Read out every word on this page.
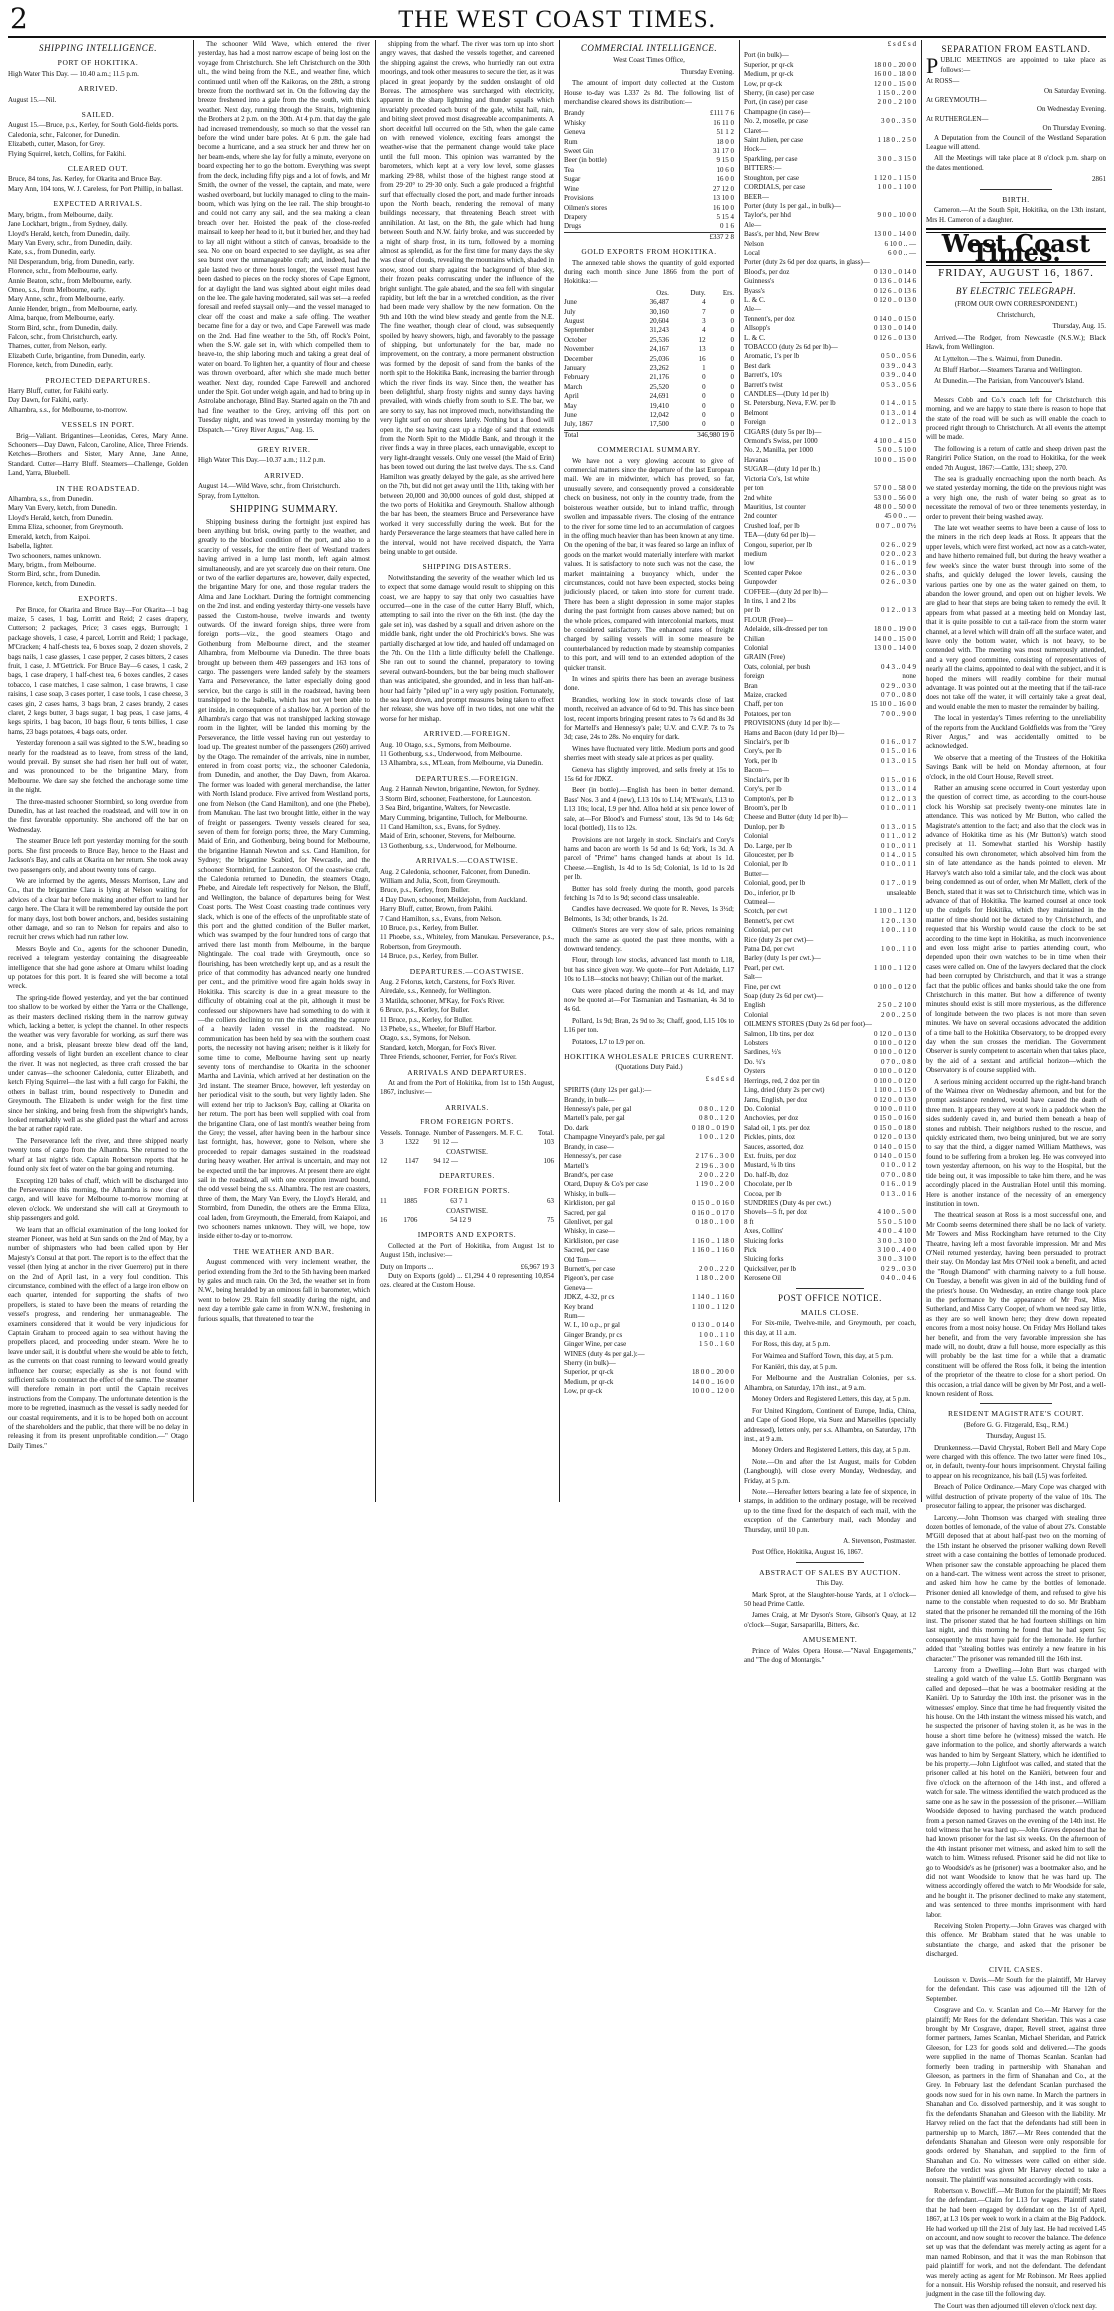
2	THE WEST COAST TIMES.
SHIPPING INTELLIGENCE.
PORT OF HOKITIKA.

High Water This Day. — 10.40 a.m.; 11.5 p.m.

ARRIVED.

August 15.—Nil.

SAILED.

August 15.—Bruce, p.s., Kerley, for South Gold-fields ports.

Caledonia, schr., Falconer, for Dunedin.

Elizabeth, cutter, Mason, for Grey.

Flying Squirrel, ketch, Collins, for Fakihi.

CLEARED OUT.

Bruce, 84 tons, Jas. Kerley, for Okarita and Bruce Bay.

Mary Ann, 104 tons, W. J. Careless, for Port Phillip, in ballast.

EXPECTED ARRIVALS.

Mary, brigtn., from Melbourne, daily.

Jane Lockhart, brigtn., from Sydney, daily.

Lloyd's Herald, ketch, from Dunedin, daily.

Mary Van Every, schr., from Dunedin, daily.

Kate, s.s., from Dunedin, early.

Nil Desperandum, brig, from Dunedin, early.

Florence, schr., from Melbourne, early.

Annie Beaton, schr., from Melbourne, early.

Omeo, s.s., from Melbourne, early.

Mary Anne, schr., from Melbourne, early.

Annie Hender, brigtn., from Melbourne, early.

Alma, barque, from Melbourne, early.

Storm Bird, schr., from Dunedin, daily.

Falcon, schr., from Christchurch, early.

Thames, cutter, from Nelson, early.

Elizabeth Curle, brigantine, from Dunedin, early.

Florence, ketch, from Dunedin, early.

PROJECTED DEPARTURES.

Harry Bluff, cutter, for Fakihi early.

Day Dawn, for Fakihi, early.

Alhambra, s.s., for Melbourne, to-morrow.

VESSELS IN PORT.

Brig—Valiant. Brigantines—Leonidas, Ceres, Mary Anne. Schooners—Day Dawn, Falcon, Caroline, Alice, Three Friends. Ketches—Brothers and Sister, Mary Anne, Jane Anne, Standard. Cutter—Harry Bluff. Steamers—Challenge, Golden Land, Yarra, Bluebell.

IN THE ROADSTEAD.

Alhambra, s.s., from Dunedin.

Mary Van Every, ketch, from Dunedin.

Lloyd's Herald, ketch, from Dunedin.

Emma Eliza, schooner, from Greymouth.

Emerald, ketch, from Kaipoi.

Isabella, lighter.

Two schooners, names unknown.

Mary, brigtn., from Melbourne.

Storm Bird, schr., from Dunedin.

Florence, ketch, from Dunedin.

EXPORTS.

Per Bruce, for Okarita and Bruce Bay—For Okarita—1 bag maize, 5 cases, 1 bag, Lorritt and Reid; 2 cases drapery, Cutterson; 2 packages, Price; 3 cases eggs, Burrough; 1 package shovels, 1 case, 4 parcel, Lorritt and Reid; 1 package, M'Cracken; 4 half-chests tea, 6 boxes soap, 2 dozen shovels, 2 bags nails, 1 case glasses, 1 case pepper, 2 cases bitters, 2 cases fruit, 1 case, J. M'Gettrick. For Bruce Bay—6 cases, 1 cask, 2 bags, 1 case drapery, 1 half-chest tea, 6 boxes candles, 2 cases tobacco, 1 case matches, 1 case salmon, 1 case brawns, 1 case raisins, 1 case soap, 3 cases porter, 1 case tools, 1 case cheese, 3 cases gin, 2 cases hams, 3 bags bran, 2 cases brandy, 2 cases claret, 2 kegs butter, 3 bags sugar, 1 bag peas, 1 case jams, 4 kegs spirits, 1 bag bacon, 10 bags flour, 6 tents billies, 1 case hams, 23 bags potatoes, 4 bags oats, order.

Yesterday forenoon a sail was sighted to the S.W., heading so nearly for the roadstead as to leave, from stress of the land, would prevail. By sunset she had risen her hull out of water, and was pronounced to be the brigantine Mary, from Melbourne. We dare say she fetched the anchorage some time in the night.

The three-masted schooner Stormbird, so long overdue from Dunedin, has at last reached the roadstead, and will tow in on the first favorable opportunity. She anchored off the bar on Wednesday.

The steamer Bruce left port yesterday morning for the south ports. She first proceeds to Bruce Bay, hence to the Haast and Jackson's Bay, and calls at Okarita on her return. She took away two passengers only, and about twenty tons of cargo.

We are informed by the agents, Messrs Morrison, Law and Co., that the brigantine Clara is lying at Nelson waiting for advices of a clear bar before making another effort to land her cargo here. The Clara it will be remembered lay outside the port for many days, lost both bower anchors, and, besides sustaining other damage, and so ran to Nelson for repairs and also to recruit her crews which had run rather low.

Messrs Boyle and Co., agents for the schooner Dunedin, received a telegram yesterday containing the disagreeable intelligence that she had gone ashore at Omaru whilst loading up potatoes for this port. It is feared she will become a total wreck.

The spring-tide flowed yesterday, and yet the bar continued too shallow to be worked by either the Yarra or the Challenge, as their masters declined risking them in the narrow gutway which, lacking a better, is yclept the channel. In other respects the weather was very favorable for working, as surf there was none, and a brisk, pleasant breeze blew dead off the land, affording vessels of light burden an excellent chance to clear the river. It was not neglected, as three craft crossed the bar under canvas—the schooner Caledonia, cutter Elizabeth, and ketch Flying Squirrel—the last with a full cargo for Fakihi, the others in ballast trim, bound respectively to Dunedin and Greymouth. The Elizabeth is under weigh for the first time since her sinking, and being fresh from the shipwright's hands, looked remarkably well as she glided past the wharf and across the bar at rather rapid rate.

The Perseverance left the river, and three shipped nearly twenty tons of cargo from the Alhambra. She returned to the wharf at last night's tide. Captain Robertson reports that he found only six feet of water on the bar going and returning.

Excepting 120 bales of chaff, which will be discharged into the Perseverance this morning, the Alhambra is now clear of cargo, and will leave for Melbourne to-morrow morning at eleven o'clock. We understand she will call at Greymouth to ship passengers and gold.

We learn that an official examination of the long looked for steamer Pioneer, was held at Sun sands on the 2nd of May, by a number of shipmasters who had been called upon by Her Majesty's Consul at that port. The report is to the effect that the vessel (then lying at anchor in the river Guerrero) put in there on the 2nd of April last, in a very foul condition. This circumstance, combined with the effect of a large iron elbow on each quarter, intended for supporting the shafts of two propellers, is stated to have been the means of retarding the vessel's progress, and rendering her unmanageable. The examiners considered that it would be very injudicious for Captain Graham to proceed again to sea without having the propellers placed, and proceeding under steam. Were he to leave under sail, it is doubtful where she would be able to fetch, as the currents on that coast running to leeward would greatly influence her course; especially as she is not found with sufficient sails to counteract the effect of the same. The steamer will therefore remain in port until the Captain receives instructions from the Company. The unfortunate detention is the more to be regretted, inasmuch as the vessel is sadly needed for our coastal requirements, and it is to be hoped both on account of the shareholders and the public, that there will be no delay in releasing it from its present unprofitable condition.—" Otago Daily Times."

The schooner Wild Wave, which entered the river yesterday, has had a most narrow escape of being lost on the voyage from Christchurch. She left Christchurch on the 30th ult., the wind being from the N.E., and weather fine, which continued until when off the Kaikoras, on the 28th, a strong breeze from the northward set in. On the following day the breeze freshened into a gale from the the south, with thick weather. Next day, running through the Straits, brightening the Brothers at 2 p.m. on the 30th. At 4 p.m. that day the gale had increased tremendously, so much so that the vessel ran before the wind under bare poles. At 6 p.m. the gale had become a hurricane, and a sea struck her and threw her on her beam-ends, where she lay for fully a minute, everyone on board expecting her to go the bottom. Everything was swept from the deck, including fifty pigs and a lot of fowls, and Mr Smith, the owner of the vessel, the captain, and mate, were washed overboard, but luckily managed to cling to the main-boom, which was lying on the lee rail. The ship brought-to and could not carry any sail, and the sea making a clean breach over her. Hoisted the peak of the close-reefed mainsail to keep her head to it, but it buried her, and they had to lay all night without a stitch of canvas, broadside to the sea. No one on board expected to see daylight, as sea after sea burst over the unmanageable craft; and, indeed, had the gale lasted two or three hours longer, the vessel must have been dashed to pieces on the rocky shores of Cape Egmont, for at daylight the land was sighted about eight miles dead on the lee. The gale having moderated, sail was set—a reefed foresail and reefed staysail only—and the vessel managed to clear off the coast and make a safe offing. The weather became fine for a day or two, and Cape Farewell was made on the 2nd. Had fine weather to the 5th, off Rock's Point, when the S.W. gale set in, with which compelled them to heave-to, the ship laboring much and taking a great deal of water on board. To lighten her, a quantity of flour and cheese was thrown overboard, after which she made much better weather. Next day, rounded Cape Farewell and anchored under the Spit. Got under weigh again, and had to bring up in Astrolabe anchorage, Blind Bay. Started again on the 7th and had fine weather to the Grey, arriving off this port on Tuesday night, and was towed in yesterday morning by the Dispatch.—"Grey River Argus," Aug. 15.

GREY RIVER.

High Water This Day.—10.37 a.m.; 11.2 p.m.

ARRIVED.

August 14.—Wild Wave, schr., from Christchurch.

Spray, from Lyttelton.

SHIPPING SUMMARY.

Shipping business during the fortnight just expired has been anything but brisk, owing partly to the weather, and greatly to the blocked condition of the port, and also to a scarcity of vessels, for the entire fleet of Westland traders having arrived in a lump last month, left again almost simultaneously, and are yet scarcely due on their return. One or two of the earlier departures are, however, daily expected, the brigantine Mary for one, and those regular traders the Alma and Jane Lockhart. During the fortnight commencing on the 2nd inst. and ending yesterday thirty-one vessels have passed the Custom-house, twelve inwards and twenty outwards. Of the inward foreign ships, three were from foreign ports—viz., the good steamers Otago and Gothenburg from Melbourne direct, and the steamer Alhambra, from Melbourne via Dunedin. The three boats brought up between them 469 passengers and 163 tons of cargo. The passengers were landed safely by the steamers Yarra and Perseverance, the latter especially doing good service, but the cargo is still in the roadstead, having been transhipped to the Isabella, which has not yet been able to get inside, in consequence of a shallow bar. A portion of the Alhambra's cargo that was not transhipped lacking stowage room in the lighter, will be landed this morning by the Perseverance, the little vessel having run out yesterday to load up. The greatest number of the passengers (260) arrived by the Otago. The remainder of the arrivals, nine in number, entered in from coast ports; viz., the schooner Caledonia, from Dunedin, and another, the Day Dawn, from Akaroa. The former was loaded with general merchandise, the latter with North Island produce. Five arrived from Westland ports, one from Nelson (the Cand Hamilton), and one (the Phebe), from Manukau. The last two brought little, either in the way of freight or passengers. Twenty vessels cleared for sea, seven of them for foreign ports; three, the Mary Cumming, Maid of Erin, and Gothenburg, being bound for Melbourne, the brigantine Hannah Newton and s.s. Cand Hamilton, for Sydney; the brigantine Scabird, for Newcastle, and the schooner Stormbird, for Launceston. Of the coastwise craft, the Caledonia returned to Dunedin, the steamers Otago, Phebe, and Airedale left respectively for Nelson, the Bluff, and Wellington, the balance of departures being for West Coast ports. The West Coast coasting trade continues very slack, which is one of the effects of the unprofitable state of this port and the glutted condition of the Buller market, which was swamped by the four hundred tons of cargo that arrived there last month from Melbourne, in the barque Nightingale. The coal trade with Greymouth, once so flourishing, has been wretchedly kept up, and as a result the price of that commodity has advanced nearly one hundred per cent., and the primitive wood fire again holds sway in Hokitika. This scarcity is due in a great measure to the difficulty of obtaining coal at the pit, although it must be confessed our shipowners have had something to do with it—the colliers declining to run the risk attending the capture of a heavily laden vessel in the roadstead. No communication has been held by sea with the southern coast ports, the necessity not having arisen; neither is it likely for some time to come, Melbourne having sent up nearly seventy tons of merchandise to Okarita in the schooner Martha and Lavinia, which arrived at her destination on the 3rd instant. The steamer Bruce, however, left yesterday on her periodical visit to the south, but very lightly laden. She will extend her trip to Jackson's Bay, calling at Okarita on her return. The port has been well supplied with coal from the brigantine Clara, one of last month's weather being from the Grey; the vessel, after having been in the harbour since last fortnight, has, however, gone to Nelson, where she proceeded to repair damages sustained in the roadstead during heavy weather. Her arrival is uncertain, and may not be expected until the bar improves. At present there are eight sail in the roadstead, all with one exception inward bound, the odd vessel being the s.s. Alhambra. The rest are coasters, three of them, the Mary Van Every, the Lloyd's Herald, and Stormbird, from Dunedin, the others are the Emma Eliza, coal laden, from Greymouth, the Emerald, from Kaiapoi, and two schooners names unknown. They will, we hope, tow inside either to-day or to-morrow.

THE WEATHER AND BAR.

August commenced with very inclement weather, the period extending from the 3rd to the 5th having been marked by gales and much rain. On the 3rd, the weather set in from N.W., being heralded by an ominous fall in barometer, which went to below 29. Rain fell steadily during the night, and next day a terrible gale came in from W.N.W., freshening in furious squalls, that threatened to tear the

shipping from the wharf. The river was torn up into short angry waves, that dashed the vessels together, and careened the shipping against the crews, who hurriedly ran out extra moorings, and took other measures to secure the tier, as it was placed in great jeopardy by the sudden onslaught of old Boreas. The atmosphere was surcharged with electricity, apparent in the sharp lightning and thunder squalls which invariably preceded each burst of the gale, whilst hail, rain, and biting sleet proved most disagreeable accompaniments. A short deceitful lull occurred on the 5th, when the gale came on with renewed violence, exciting fears amongst the weather-wise that the permanent change would take place until the full moon. This opinion was warranted by the barometers, which kept at a very low level, some glasses marking 29·88, whilst those of the highest range stood at from 29·20° to 29·30 only. Such a gale produced a frightful surf that effectually closed the port, and made further inroads upon the North beach, rendering the removal of many buildings necessary, that threatening Beach street with annihilation. At last, on the 8th, the gale which had hung between South and N.W. fairly broke, and was succeeded by a night of sharp frost, in its turn, followed by a morning almost as splendid, as for the first time for many days the sky was clear of clouds, revealing the mountains which, shaded in snow, stood out sharp against the background of blue sky, their frozen peaks corruscating under the influence of the bright sunlight. The gale abated, and the sea fell with singular rapidity, but left the bar in a wretched condition, as the river had been made very shallow by the new formation. On the 9th and 10th the wind blew steady and gentle from the N.E. The fine weather, though clear of cloud, was subsequently spoiled by heavy showers, high, and favorably to the passage of shipping, but unfortunately for the bar, made no improvement, on the contrary, a more permanent obstruction was formed by the deposit of sand from the banks of the north spit to the Hokitika Bank, increasing the barrier through which the river finds its way. Since then, the weather has been delightful, sharp frosty nights and sunny days having prevailed, with winds chiefly from south to S.E. The bar, we are sorry to say, has not improved much, notwithstanding the very light surf on our shores lately. Nothing but a flood will open it, the sea having cast up a ridge of sand that extends from the North Spit to the Middle Bank, and through it the river finds a way in three places, each unnavigable, except to very light-draught vessels. Only one vessel (the Maid of Erin) has been towed out during the last twelve days. The s.s. Cand Hamilton was greatly delayed by the gale, as she arrived here on the 7th, but did not get away until the 11th, taking with her between 20,000 and 30,000 ounces of gold dust, shipped at the two ports of Hokitika and Greymouth. Shallow although the bar has been, the steamers Bruce and Perseverance have worked it very successfully during the week. But for the hardy Perseverance the large steamers that have called here in the interval, would not have received dispatch, the Yarra being unable to get outside.

SHIPPING DISASTERS.

Notwithstanding the severity of the weather which led us to expect that some damage would result to shipping on this coast, we are happy to say that only two casualties have occurred—one in the case of the cutter Harry Bluff, which, attempting to sail into the river on the 6th inst. (the day the gale set in), was dashed by a squall and driven ashore on the middle bank, right under the old Prochirick's bows. She was partially discharged at low tide, and hauled off undamaged on the 7th. On the 11th a little difficulty befell the Challenge. She ran out to sound the channel, preparatory to towing several outward-bounders, but the bar being much shallower than was anticipated, she grounded, and in less than half-an-hour had fairly "piled up" in a very ugly position. Fortunately, the sea kept down, and prompt measures being taken to effect her release, she was hove off in two tides, not one whit the worse for her mishap.

ARRIVED.—FOREIGN.

Aug. 10 Otago, s.s., Symons, from Melbourne.

11 Gothenburg, s.s., Underwood, from Melbourne.

13 Alhambra, s.s., M'Lean, from Melbourne, via Dunedin.

DEPARTURES.—FOREIGN.

Aug. 2 Hannah Newton, brigantine, Newton, for Sydney.

3 Storm Bird, schooner, Featherstone, for Launceston.

3 Sea Bird, brigantine, Walters, for Newcastle.

Mary Cumming, brigantine, Tulloch, for Melbourne.

11 Cand Hamilton, s.s., Evans, for Sydney.

Maid of Erin, schooner, Stevens, for Melbourne.

13 Gothenburg, s.s., Underwood, for Melbourne.

ARRIVALS.—COASTWISE.

Aug. 2 Caledonia, schooner, Falconer, from Dunedin.

William and Julia, Scott, from Greymouth.

Bruce, p.s., Kerley, from Buller.

4 Day Dawn, schooner, Meiklejohn, from Auckland.

Harry Bluff, cutter, Brown, from Pakihi.

7 Cand Hamilton, s.s., Evans, from Nelson.

10 Bruce, p.s., Kerley, from Buller.

11 Phoebe, s.s., Whiteley, from Manukau. Perseverance, p.s., Robertson, from Greymouth.

14 Bruce, p.s., Kerley, from Buller.

DEPARTURES.—COASTWISE.

Aug. 2 Felorus, ketch, Carstens, for Fox's River.

Airedale, s.s., Kennedy, for Wellington.

3 Matilda, schooner, M'Kay, for Fox's River.

6 Bruce, p.s., Kerley, for Buller.

11 Bruce, p.s., Kerley, for Buller.

13 Phebe, s.s., Wheeler, for Bluff Harbor.

Otago, s.s., Symons, for Nelson.

Standard, ketch, Morgan, for Fox's River.

Three Friends, schooner, Ferrier, for Fox's River.

ARRIVALS AND DEPARTURES.

At and from the Port of Hokitika, from 1st to 15th August, 1867, inclusive:—

ARRIVALS.
FROM FOREIGN PORTS.
Vessels.	Tonnage.	Number of Passengers. M. F. C.	Total.
3	1322	91 12 —	103
COASTWISE.			
12	1147	94 12 —	106
DEPARTURES.
FOR FOREIGN PORTS.
11	1885	63 7 1	63
COASTWISE.			
16	1706	54 12 9	75
IMPORTS AND EXPORTS.

Collected at the Port of Hokitika, from August 1st to August 15th, inclusive:—

Duty on Imports ...	£6,967 19 3

Duty on Exports (gold) ... £1,294 4 0 representing 10,854 ozs. cleared at the Custom House.

COMMERCIAL INTELLIGENCE.

West Coast Times Office,

Thursday Evening.

The amount of import duty collected at the Custom House to-day was L337 2s 8d. The following list of merchandise cleared shows its distribution:—

Brandy	£111 7 6
Whisky	16 11 0
Geneva	51 1 2
Rum	18 0 0
Sweet Gin	31 17 0
Beer (in bottle)	9 15 0
Tea	10 6 0
Sugar	16 0 0
Wine	27 12 0
Provisions	13 10 0
Oilmen's stores	16 10 0
Drapery	5 15 4
Drugs	0 1 6
£337 2 8
GOLD EXPORTS FROM HOKITIKA.

The annexed table shows the quantity of gold exported during each month since June 1866 from the port of Hokitika:—

	Ozs.	Duty.	Ers.
June	36,487	4	0
July	30,160	7	0
August	20,604	3	0
September	31,243	4	0
October	25,536	12	0
November	24,167	13	0
December	25,036	16	0
January	23,262	1	0
February	21,176	0	0
March	25,520	0	0
April	24,691	0	0
May	19,410	0	0
June	12,042	0	0
July, 1867	17,500	0	0
Total	346,980 19 0
COMMERCIAL SUMMARY.

We have not a very glowing account to give of commercial matters since the departure of the last European mail. We are in midwinter, which has proved, so far, unusually severe, and consequently proved a considerable check on business, not only in the country trade, from the boisterous weather outside, but to inland traffic, through swollen and impassable rivers. The closing of the entrance to the river for some time led to an accumulation of cargoes in the offing much heavier than has been known at any time. On the opening of the bar, it was feared so large an influx of goods on the market would materially interfere with market values. It is satisfactory to note such was not the case, the market maintaining a buoyancy which, under the circumstances, could not have been expected, stocks being judiciously placed, or taken into store for current trade. There has been a slight depression in some major staples during the past fortnight from causes above named; but on the whole prices, compared with intercolonial markets, must be considered satisfactory. The enhanced rates of freight charged by sailing vessels will in some measure be counterbalanced by reduction made by steamship companies to this port, and will tend to an extended adoption of the quicker transit.

In wines and spirits there has been an average business done.

Brandies, working low in stock towards close of last month, received an advance of 6d to 9d. This has since been lost, recent imports bringing present rates to 7s 6d and 8s 3d for Martell's and Hennessy's pale; U.V. and C.V.P. 7s to 7s 3d; case, 24s to 28s. No enquiry for dark.

Wines have fluctuated very little. Medium ports and good sherries meet with steady sale at prices as per quality.

Geneva has slightly improved, and sells freely at 15s to 15s 6d for JDKZ.

Beer (in bottle).—English has been in better demand. Bass' Nos. 3 and 4 (new), L13 10s to L14; M'Ewan's, L13 to L13 10s; local, L9 per hhd. Alloa held at six pence lower of sale, at—For Blood's and Furness' stout, 13s 9d to 14s 6d; local (bottled), 11s to 12s.

Provisions are not largely in stock. Sinclair's and Cory's hams and bacon are worth 1s 5d and 1s 6d; York, 1s 3d. A parcel of "Prime" hams changed hands at about 1s 1d. Cheese.—English, 1s 4d to 1s 5d; Colonial, 1s 1d to 1s 2d per lb.

Butter has sold freely during the month, good parcels fetching 1s 7d to 1s 9d; second class unsaleable.

Candles have decreased. We quote for R. Neves, 1s 3½d; Belmonts, 1s 3d; other brands, 1s 2d.

Oilmen's Stores are very slow of sale, prices remaining much the same as quoted the past three months, with a downward tendency.

Flour, through low stocks, advanced last month to L18, but has since given way. We quote—for Port Adelaide, L17 10s to L18—stocks not heavy; Chilian out of the market.

Oats were placed during the month at 4s 1d, and may now be quoted at—For Tasmanian and Tasmanian, 4s 3d to 4s 6d.

Pollard, 1s 9d; Bran, 2s 9d to 3s; Chaff, good, L15 10s to L16 per ton.

Potatoes, L7 to L9 per on.

HOKITIKA WHOLESALE PRICES CURRENT.

(Quotations Duty Paid.)

£ s d £ s d

SPIRITS (duty 12s per gal.):—
Brandy, in bulk—
Hennessy's pale, per gal	0 8 0 .. 1 2 0
Martell's pale, per gal	0 8 0 .. 1 2 0
Do. dark	0 18 0 .. 0 19 0
Champagne Vineyard's pale, per gal	1 0 0 .. 1 2 0
Brandy, in case—
Hennessy's, per case	2 17 6 .. 3 0 0
Martell's	2 19 6 .. 3 0 0
Brandt's, per case	2 0 0 .. 2 2 0
Otard, Dupuy & Co's per case	1 19 0 .. 2 0 0
Whisky, in bulk—
Kirkliston, per gal	0 15 0 .. 0 16 0
Sacred, per gal	0 16 0 .. 0 17 0
Glenlivet, per gal	0 18 0 .. 1 0 0
Whisky, in case—
Kirkliston, per case	1 16 0 .. 1 18 0
Sacred, per case	1 16 0 .. 1 16 0
Old Tom—
Burnett's, per case	2 0 0 .. 2 2 0
Pigeon's, per case	1 18 0 .. 2 0 0
Geneva—
JDKZ, 4-32, pr cs	1 14 0 .. 1 16 0
Key brand	1 10 0 .. 1 12 0
Rum—
W. I., 10 o.p., pr gal	0 13 0 .. 0 14 0
Ginger Brandy, pr cs	1 0 0 .. 1 1 0
Ginger Wine, per case	1 5 0 .. 1 6 0
WINES (duty 4s per gal.):—
Sherry (in bulk)—
Superior, pr qr-ck	18 0 0 .. 20 0 0
Medium, pr qr-ck	14 0 0 .. 16 0 0
Low, pr qr-ck	10 0 0 .. 12 0 0

£ s d £ s d

Port (in bulk)—
Superior, pr qr-ck	18 0 0 .. 20 0 0
Medium, pr qr-ck	16 0 0 .. 18 0 0
Low, pr qr-ck	12 0 0 .. 15 0 0
Sherry, (in case) per case	1 15 0 .. 2 0 0
Port, (in case) per case	2 0 0 .. 2 10 0
Champagne (in case)—
No. 2, moselle, pr case	3 0 0 .. 3 5 0
Claret—
Saint Julien, per case	1 18 0 .. 2 5 0
Hock—
Sparkling, per case	3 0 0 .. 3 15 0
BITTERS:—
Stoughton, per case	1 12 0 .. 1 15 0
CORDIALS, per case	1 0 0 .. 1 10 0
BEER—
Porter (duty 1s per gal., in bulk)—
Taylor's, per hhd	9 0 0 .. 10 0 0
Ale—
Bass's, per hhd, New Brew	13 0 0 .. 14 0 0
Nelson	6 10 0 .. —
Local	6 0 0 .. —
Porter (duty 2s 6d per doz quarts, in glass)—
Blood's, per doz	0 13 0 .. 0 14 0
Guinness's	0 13 6 .. 0 14 6
Byass's	0 12 6 .. 0 13 6
L. & C.	0 12 0 .. 0 13 0
Ale—
Tennent's, per doz	0 14 0 .. 0 15 0
Allsopp's	0 13 0 .. 0 14 0
L. & C.	0 12 6 .. 0 13 0
TOBACCO (duty 2s 6d per lb)—
Aromatic, 1's per lb	0 5 0 .. 0 5 6
Best dark	0 3 9 .. 0 4 3
Barrett's, 10's	0 3 9 .. 0 4 0
Barrett's twist	0 5 3 .. 0 5 6
CANDLES—(Duty 1d per lb)
St. Petersburg, Neva, F.W. per lb	0 1 4 .. 0 1 5
Belmont	0 1 3 .. 0 1 4
Foreign	0 1 2 .. 0 1 3
CIGARS (duty 5s per lb)—
Ormond's Swiss, per 1000	4 10 0 .. 4 15 0
No. 2, Manilla, per 1000	5 0 0 .. 5 10 0
Havanas	10 0 0 .. 15 0 0
SUGAR—(duty 1d per lb.)
Victoria Co's, 1st white
per ton	57 0 0 .. 58 0 0
2nd white	53 0 0 .. 56 0 0
Mauritius, 1st counter	48 0 0 .. 50 0 0
2nd counter	45 0 0 .. —
Crushed loaf, per lb	0 0 7 .. 0 0 7½
TEA—(duty 6d per lb)—
Congou, superior, per lb	0 2 6 .. 0 2 9
medium	0 2 0 .. 0 2 3
low	0 1 6 .. 0 1 9
Scented caper Pekoe	0 2 6 .. 0 3 0
Gunpowder	0 2 6 .. 0 3 0
COFFEE—(duty 2d per lb)—
In tins, 1 and 2 lbs
per lb	0 1 2 .. 0 1 3
FLOUR (Free)—
Adelaide, silk-dressed per ton	18 0 0 .. 19 0 0
Chilian	14 0 0 .. 15 0 0
Colonial	13 0 0 .. 14 0 0
GRAIN (Free)
Oats, colonial, per bush	0 4 3 .. 0 4 9
foreign	none
Bran	0 2 9 .. 0 3 0
Maize, cracked	0 7 0 .. 0 8 0
Chaff, per ton	15 10 0 .. 16 0 0
Potatoes, per ton	7 0 0 .. 9 0 0
PROVISIONS (duty 1d per lb):—
Hams and Bacon (duty 1d per lb)—
Sinclair's, per lb	0 1 6 .. 0 1 7
Cory's, per lb	0 1 5 .. 0 1 6
York, per lb	0 1 3 .. 0 1 5
Bacon—
Sinclair's, per lb	0 1 5 .. 0 1 6
Cory's, per lb	0 1 3 .. 0 1 4
Compton's, per lb	0 1 2 .. 0 1 3
Broom's, per lb	0 1 0 .. 0 1 1
Cheese and Butter (duty 1d per lb)—
Dunlop, per lb	0 1 3 .. 0 1 5
Colonial	0 1 1 .. 0 1 2
Do. Large, per lb	0 1 0 .. 0 1 1
Gloucester, per lb	0 1 4 .. 0 1 5
Colonial, per lb	0 1 0 .. 0 1 1
Butter—
Colonial, good, per lb	0 1 7 .. 0 1 9
Do., inferior, pr lb	unsaleable
Oatmeal—
Scotch, per cwt	1 10 0 .. 1 12 0
Bennett's, per cwt	1 2 0 .. 1 3 0
Colonial, per cwt	1 0 0 .. 1 1 0
Rice (duty 2s per cwt)—
Patna Dd, per cwt	1 0 0 .. 1 1 0
Barley (duty 1s per cwt.)—
Pearl, per cwt.	1 10 0 .. 1 12 0
Salt—
Fine, per cwt	0 10 0 .. 0 12 0
Soap (duty 2s 6d per cwt)—
English	2 5 0 .. 2 10 0
Colonial	2 0 0 .. 2 5 0
OILMEN'S STORES (Duty 2s 6d per foot)—
Salmon, 1lb tins, per doz	0 12 0 .. 0 13 0
Lobsters	0 10 0 .. 0 12 0
Sardines, ½'s	0 10 0 .. 0 12 0
Do. ¼'s	0 7 0 .. 0 8 0
Oysters	0 10 0 .. 0 12 0
Herrings, red, 2 doz per tin	0 10 0 .. 0 12 0
Ling, dried (duty 2s per cwt)	1 10 0 .. 1 15 0
Jams, English, per doz	0 12 0 .. 0 13 0
Do. Colonial	0 10 0 .. 0 11 0
Anchovies, per doz	0 15 0 .. 0 16 0
Salad oil, 1 pts. per doz	0 15 0 .. 0 18 0
Pickles, pints, doz	0 12 0 .. 0 13 0
Sauces, assorted, doz	0 14 0 .. 0 15 0
Ext. fruits, per doz	0 14 0 .. 0 15 0
Mustard, ¼ lb tins	0 1 0 .. 0 1 2
Do. half-lb, doz	0 7 0 .. 0 8 0
Chocolate, per lb	0 1 6 .. 0 1 9
Cocoa, per lb	0 1 3 .. 0 1 6
SUNDRIES (Duty 4s per cwt.)
Shovels—5 ft, per doz	4 10 0 .. 5 0 0
8 ft	5 5 0 .. 5 10 0
Axes, Collins'	4 0 0 .. 4 10 0
Sluicing forks	3 0 0 .. 3 10 0
Pick	3 10 0 .. 4 0 0
Sluicing forks	3 0 0 .. 3 10 0
Quicksilver, per lb	0 2 9 .. 0 3 0
Kerosene Oil	0 4 0 .. 0 4 6
POST OFFICE NOTICE.
MAILS CLOSE.

For Six-mile, Twelve-mile, and Greymouth, per coach, this day, at 11 a.m.

For Ross, this day, at 5 p.m.

For Waimea and Stafford Town, this day, at 5 p.m.

For Kaniëri, this day, at 5 p.m.

For Melbourne and the Australian Colonies, per s.s. Alhambra, on Saturday, 17th inst., at 9 a.m.

Money Orders and Registered Letters, this day, at 5 p.m.

For United Kingdom, Continent of Europe, India, China, and Cape of Good Hope, via Suez and Marseilles (specially addressed), letters only, per s.s. Alhambra, on Saturday, 17th inst., at 9 a.m.

Money Orders and Registered Letters, this day, at 5 p.m.

Note.—On and after the 1st August, mails for Cobden (Langbough), will close every Monday, Wednesday, and Friday, at 5 p.m.

Note.—Hereafter letters bearing a late fee of sixpence, in stamps, in addition to the ordinary postage, will be received up to the time fixed for the despatch of each mail, with the exception of the Canterbury mail, each Monday and Thursday, until 10 p.m.

A. Stevenson, Postmaster.

Post Office, Hokitika, August 16, 1867.

ABSTRACT OF SALES BY AUCTION.

This Day.

Mark Sprot, at the Slaughter-house Yards, at 1 o'clock—50 head Prime Cattle.

James Craig, at Mr Dyson's Store, Gibson's Quay, at 12 o'clock—Sugar, Sarsaparilla, Bitters, &c.

AMUSEMENT.

Prince of Wales Opera House.—"Naval Engagements," and "The dog of Montargis."

SEPARATION FROM EASTLAND.

PUBLIC MEETINGS are appointed to take place as follows:—

At ROSS—

On Saturday Evening.

At GREYMOUTH—

On Wednesday Evening.

At RUTHERGLEN—

On Thursday Evening.

A Deputation from the Council of the Westland Separation League will attend.

All the Meetings will take place at 8 o'clock p.m. sharp on the dates mentioned.

2861

BIRTH.

Cameron.—At the South Spit, Hokitika, on the 13th instant, Mrs H. Cameron of a daughter.

West Coast Times.
FRIDAY, AUGUST 16, 1867.
BY ELECTRIC TELEGRAPH.

(FROM OUR OWN CORRESPONDENT.)

Christchurch,

Thursday, Aug. 15.

Arrived.—The Rodger, from Newcastle (N.S.W.); Black Hawk, from Wellington.

At Lyttelton.—The s. Waimui, from Dunedin.

At Bluff Harbor.—Steamers Tararua and Wellington.

At Dunedin.—The Parisian, from Vancouver's Island.

Messrs Cobb and Co.'s coach left for Christchurch this morning, and we are happy to state there is reason to hope that the state of the road will be such as will enable the coach to proceed right through to Christchurch. At all events the attempt will be made.

The following is a return of cattle and sheep driven past the Rangiriri Police Station, on the road to Hokitika, for the week ended 7th August, 1867:—Cattle, 131; sheep, 270.

The sea is gradually encroaching upon the north beach. As we stated yesterday morning, the tide on the previous night was a very high one, the rush of water being so great as to necessitate the removal of two or three tenements yesterday, in order to prevent their being washed away.

The late wet weather seems to have been a cause of loss to the miners in the rich deep leads at Ross. It appears that the upper levels, which were first worked, act now as a catch-water, and have hitherto remained full, but during the heavy weather a few week's since the water burst through into some of the shafts, and quickly deluged the lower levels, causing the various parties one by one as the water gained on them, to abandon the lower ground, and open out on higher levels. We are glad to hear that steps are being taken to remedy the evil. It appears from what passed at a meeting held on Monday last, that it is quite possible to cut a tail-race from the storm water channel, at a level which will drain off all the surface water, and leave only the bottom water, which is not heavy, to be contended with. The meeting was most numerously attended, and a very good committee, consisting of representatives of nearly all the claims, appointed to deal with the subject, and it is hoped the miners will readily combine for their mutual advantage. It was pointed out at the meeting that if the tail-race does not take off the water, it will certainly take a great deal, and would enable the men to master the remainder by bailing.

The local in yesterday's Times referring to the unreliability of the reports from the Auckland Goldfields was from the "Grey River Argus," and was accidentally omitted to be acknowledged.

We observe that a meeting of the Trustees of the Hokitika Savings Bank will be held on Monday afternoon, at four o'clock, in the old Court House, Revell street.

Rather an amusing scene occurred in Court yesterday upon the question of correct time, as according to the court-house clock his Worship sat precisely twenty-one minutes late in attendance. This was noticed by Mr Button, who called the Magistrate's attention to the fact; and also that the clock was in advance of Hokitika time as his (Mr Button's) watch stood precisely at 11. Somewhat startled his Worship hastily consulted his own chronometer, which absolved him from the sin of late attendance as the hands pointed to eleven. Mr Harvey's watch also told a similar tale, and the clock was about being condemned as out of order, when Mr Mallett, clerk of the Bench, stated that it was set to Christchurch time, which was in advance of that of Hokitika. The learned counsel at once took up the cudgels for Hokitika, which they maintained in the matter of time should not be dictated to by Christchurch, and requested that his Worship would cause the clock to be set according to the time kept in Hokitika, as much inconvenience and even loss might arise to parties attending court, who depended upon their own watches to be in time when their cases were called on. One of the lawyers declared that the clock had been corrupted by Christchurch, and that it was a strange fact that the public offices and banks should take the one from Christchurch in this matter. But how a difference of twenty minutes should exist is still more mysterious, as the difference of longitude between the two places is not more than seven minutes. We have on several occasions advocated the addition of a time ball to the Hokitika Observatory, to be dropped every day when the sun crosses the meridian. The Government Observer is surely competent to ascertain when that takes place, by the aid of a sextant and artificial horizon—which the Observatory is of course supplied with.

A serious mining accident occurred up the right-hand branch of the Waimea river on Wednesday afternoon, and but for the prompt assistance rendered, would have caused the death of three men. It appears they were at work in a paddock when the sides suddenly caved in, and buried them beneath a heap of stones and rubbish. Their neighbors rushed to the rescue, and quickly extricated them, two being uninjured, but we are sorry to say that the third, a digger named William Matthews, was found to be suffering from a broken leg. He was conveyed into town yesterday afternoon, on his way to the Hospital, but the tide being out, it was impossible to take him there, and he was accordingly placed in the Australian Hotel until this morning. Here is another instance of the necessity of an emergency institution in town.

The theatrical season at Ross is a most successful one, and Mr Coomb seems determined there shall be no lack of variety. Mr Towers and Miss Rockingham have returned to the City Theatre, having left a most favorable impression. Mr and Mrs O'Neil returned yesterday, having been persuaded to protract their stay. On Monday last Mrs O'Neil took a benefit, and acted the "Rough Diamond" with charming naivety to a full house. On Tuesday, a benefit was given in aid of the building fund of the priest's house. On Wednesday, an entire change took place in the performance by the appearance of Mr Post, Miss Sutherland, and Miss Carry Cooper, of whom we need say little, as they are so well known here; they drew down repeated encores from a most noisy house. On Friday Mrs Holland takes her benefit, and from the very favorable impression she has made will, no doubt, draw a full house, more especially as this will probably be the last time for a while that a dramatic constituent will be offered the Ross folk, it being the intention of the proprietor of the theatre to close for a short period. On this occasion, a trial dance will be given by Mr Post, and a well-known resident of Ross.

RESIDENT MAGISTRATE'S COURT.

(Before G. G. Fitzgerald, Esq., R.M.)

Thursday, August 15.

Drunkenness.—David Chrystal, Robert Bell and Mary Cope were charged with this offence. The two latter were fined 10s., or, in default, twenty-four hours imprisonment. Chrystal failing to appear on his recognizance, his bail (L5) was forfeited.

Breach of Police Ordinance.—Mary Cope was charged with wilful destruction of private property of the value of 10s. The prosecutor failing to appear, the prisoner was discharged.

Larceny.—John Thomson was charged with stealing three dozen bottles of lemonade, of the value of about 27s. Constable M'Gill deposed that at about half-past two on the morning of the 15th instant he observed the prisoner walking down Revell street with a case containing the bottles of lemonade produced. When prisoner saw the constable approaching he placed them on a hand-cart. The witness went across the street to prisoner, and asked him how he came by the bottles of lemonade. Prisoner denied all knowledge of them, and refused to give his name to the constable when requested to do so. Mr Brabham stated that the prisoner he remanded till the morning of the 16th inst. The prisoner stated that he had fourteen shillings on him last night, and this morning he found that he had spent 5s; consequently he must have paid for the lemonade. He further added that "stealing bottles was entirely a new feature in his character." The prisoner was remanded till the 16th inst.

Larceny from a Dwelling.—John Burt was charged with stealing a gold watch of the value L5. Gottlib Bergmann was called and deposed—that he was a bootmaker residing at the Kaniëri. Up to Saturday the 10th inst. the prisoner was in the witnesses' employ. Since that time he had frequently visited the his house. On the 14th instant the witness missed his watch, and he suspected the prisoner of having stolen it, as he was in the house a short time before he (witness) missed the watch. He gave information to the police, and shortly afterwards a watch was handed to him by Sergeant Slattery, which he identified to be his property.—John Lightfoot was called, and stated that the prisoner called at his hotel on the Kaniëri, between four and five o'clock on the afternoon of the 14th inst., and offered a watch for sale. The witness identified the watch produced as the same one as he saw in the possession of the prisoner.—William Woodside deposed to having purchased the watch produced from a person named Graves on the evening of the 14th inst. He told witness that he was hard up.—John Graves deposed that he had known prisoner for the last six weeks. On the afternoon of the 4th instant prisoner met witness, and asked him to sell the watch to him. Witness refused. Prisoner said he did not like to go to Woodside's as he (prisoner) was a bootmaker also, and he did not want Woodside to know that he was hard up. The witness accordingly offered the watch to Mr Woodside for sale, and he bought it. The prisoner declined to make any statement, and was sentenced to three months imprisonment with hard labor.

Receiving Stolen Property.—John Graves was charged with this offence. Mr Brabham stated that he was unable to substantiate the charge, and asked that the prisoner be discharged.

CIVIL CASES.

Louisson v. Davis.—Mr South for the plaintiff, Mr Harvey for the defendant. This case was adjourned till the 12th of September.

Cosgrave and Co. v. Scanlan and Co.—Mr Harvey for the plaintiff; Mr Rees for the defendant Sheridan. This was a case brought by Mr Cosgrave, draper, Revell street, against three former partners, James Scanlan, Michael Sheridan, and Patrick Gleeson, for L23 for goods sold and delivered.—The goods were supplied in the name of Thomas Scanlan. Scanlan had formerly been trading in partnership with Shanahan and Gleeson, as partners in the firm of Shanahan and Co., at the Grey. In February last the defendant Scanlan purchased the goods now sued for in his own name. In March the partners in Shanahan and Co. dissolved partnership, and it was sought to fix the defendants Shanahan and Gleeson with the liability. Mr Harvey relied on the fact that the defendants had still been in partnership up to March, 1867.—Mr Rees contended that the defendants Shanahan and Gleeson were only responsible for goods ordered by Shanahan, and supplied to the firm of Shanahan and Co. No witnesses were called on either side. Before the verdict was given Mr Harvey elected to take a nonsuit. The plaintiff was nonsuited accordingly with costs.

Robertson v. Bowcliff.—Mr Button for the plaintiff; Mr Rees for the defendant.—Claim for L13 for wages. Plaintiff stated that he had been engaged by defendant on the 1st of April, 1867, at L3 10s per week to work in a claim at the Big Paddock. He had worked up till the 21st of July last. He had received L45 on account, and now sought to recover the balance. The defence set up was that the defendant was merely acting as agent for a man named Robinson, and that it was the man Robinson that paid plaintiff for work, and not the defendant. The defendant was merely acting as agent for Mr Robinson. Mr Rees applied for a nonsuit. His Worship refused the nonsuit, and reserved his judgment in the case till the following day.

The Court was then adjourned till eleven o'clock next day.
